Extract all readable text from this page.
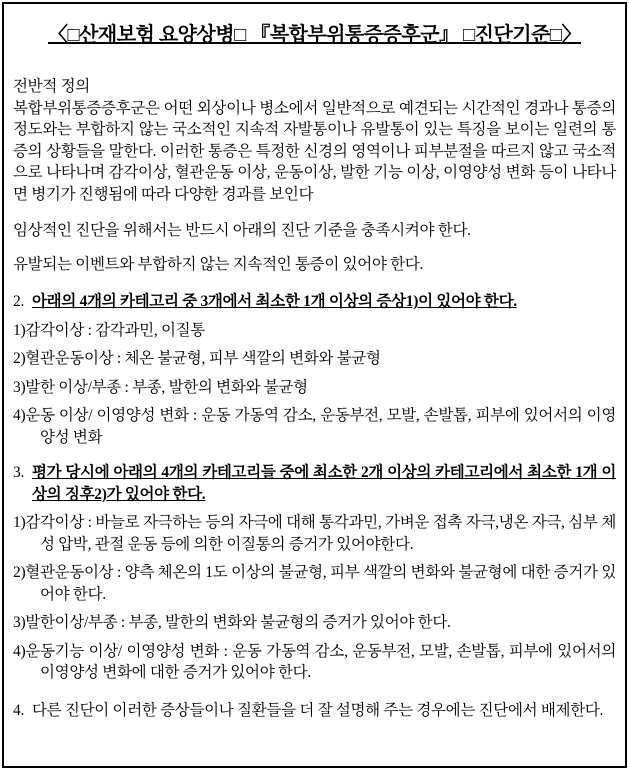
〈□산재보험 요양상병□ 『복합부위통증증후군』 □진단기준□〉
전반적 정의
복합부위통증증후군은 어떤 외상이나 병소에서 일반적으로 예견되는 시간적인 경과나 통증의 정도와는 부합하지 않는 국소적인 지속적 자발통이나 유발통이 있는 특징을 보이는 일련의 통증의 상황들을 말한다. 이러한 통증은 특정한 신경의 영역이나 피부분절을 따르지 않고 국소적으로 나타나며 감각이상, 혈관운동 이상, 운동이상, 발한 기능 이상, 이영양성 변화 등이 나타나면 병기가 진행됨에 따라 다양한 경과를 보인다
임상적인 진단을 위해서는 반드시 아래의 진단 기준을 충족시켜야 한다.
유발되는 이벤트와 부합하지 않는 지속적인 통증이 있어야 한다.
2. 아래의 4개의 카테고리 중 3개에서 최소한 1개 이상의 증상1)이 있어야 한다.
1)감각이상 : 감각과민, 이질통
2)혈관운동이상 : 체온 불균형, 피부 색깔의 변화와 불균형
3)발한 이상/부종 : 부종, 발한의 변화와 불균형
4)운동 이상/ 이영양성 변화 : 운동 가동역 감소, 운동부전, 모발, 손발톱, 피부에 있어서의 이영양성 변화
3. 평가 당시에 아래의 4개의 카테고리들 중에 최소한 2개 이상의 카테고리에서 최소한 1개 이상의 징후2)가 있어야 한다.
1)감각이상 : 바늘로 자극하는 등의 자극에 대해 통각과민, 가벼운 접촉 자극,냉온 자극, 심부 체성 압박, 관절 운동 등에 의한 이질통의 증거가 있어야한다.
2)혈관운동이상 : 양측 체온의 1도 이상의 불균형, 피부 색깔의 변화와 불균형에 대한 증거가 있어야 한다.
3)발한이상/부종 : 부종, 발한의 변화와 불균형의 증거가 있어야 한다.
4)운동기능 이상/ 이영양성 변화 : 운동 가동역 감소, 운동부전, 모발, 손발톱, 피부에 있어서의 이영양성 변화에 대한 증거가 있어야 한다.
4. 다른 진단이 이러한 증상들이나 질환들을 더 잘 설명해 주는 경우에는 진단에서 배제한다.
